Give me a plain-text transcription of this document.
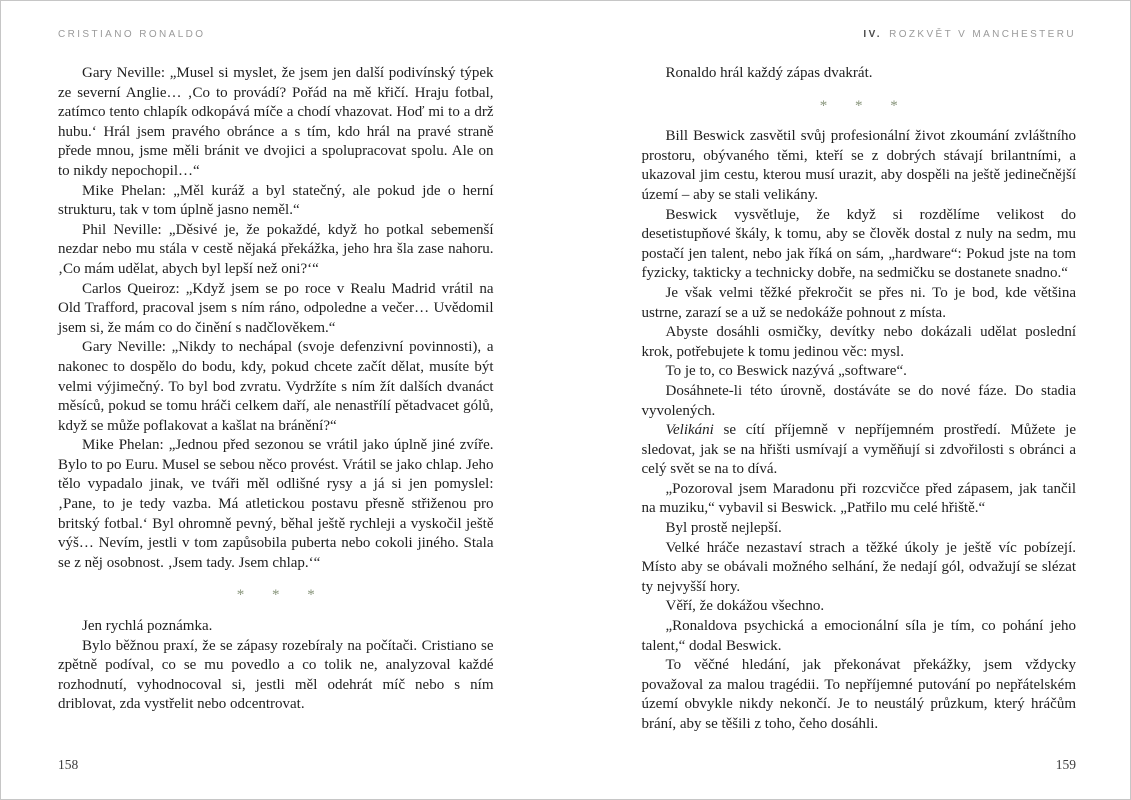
CRISTIANO RONALDO

Gary Neville: „Musel si myslet, že jsem jen další podivínský týpek ze severní Anglie… ‚Co to provádí? Pořád na mě křičí. Hraju fotbal, zatímco tento chlapík odkopává míče a chodí vhazovat. Hoď mi to a drž hubu.‘ Hrál jsem pravého obránce a s tím, kdo hrál na pravé straně přede mnou, jsme měli bránit ve dvojici a spolupracovat spolu. Ale on to nikdy nepochopil…“

Mike Phelan: „Měl kuráž a byl statečný, ale pokud jde o herní strukturu, tak v tom úplně jasno neměl.“

Phil Neville: „Děsivé je, že pokaždé, když ho potkal sebemenší nezdar nebo mu stála v cestě nějaká překážka, jeho hra šla zase nahoru. ‚Co mám udělat, abych byl lepší než oni?‘“

Carlos Queiroz: „Když jsem se po roce v Realu Madrid vrátil na Old Trafford, pracoval jsem s ním ráno, odpoledne a večer… Uvědomil jsem si, že mám co do činění s nadčlověkem.“

Gary Neville: „Nikdy to nechápal (svoje defenzivní povinnosti), a nakonec to dospělo do bodu, kdy, pokud chcete začít dělat, musíte být velmi výjimečný. To byl bod zvratu. Vydržíte s ním žít dalších dvanáct měsíců, pokud se tomu hráči celkem daří, ale nenastřílí pětadvacet gólů, když se může poflakovat a kašlat na bránění?“

Mike Phelan: „Jednou před sezonou se vrátil jako úplně jiné zvíře. Bylo to po Euru. Musel se sebou něco provést. Vrátil se jako chlap. Jeho tělo vypadalo jinak, ve tváři měl odlišné rysy a já si jen pomyslel: ‚Pane, to je tedy vazba. Má atletickou postavu přesně střiženou pro britský fotbal.‘ Byl ohromně pevný, běhal ještě rychleji a vyskočil ještě výš… Nevím, jestli v tom zapůsobila puberta nebo cokoli jiného. Stala se z něj osobnost. ‚Jsem tady. Jsem chlap.‘“

* * *

Jen rychlá poznámka.

Bylo běžnou praxí, že se zápasy rozebíraly na počítači. Cristiano se zpětně podíval, co se mu povedlo a co tolik ne, analyzoval každé rozhodnutí, vyhodnocoval si, jestli měl odehrát míč nebo s ním driblovat, zda vystřelit nebo odcentrovat.

158
IV. ROZKVĚT V MANCHESTERU

Ronaldo hrál každý zápas dvakrát.

* * *

Bill Beswick zasvětil svůj profesionální život zkoumání zvláštního prostoru, obývaného těmi, kteří se z dobrých stávají brilantními, a ukazoval jim cestu, kterou musí urazit, aby dospěli na ještě jedinečnější území – aby se stali velikány.

Beswick vysvětluje, že když si rozdělíme velikost do desetistupňové škály, k tomu, aby se člověk dostal z nuly na sedm, mu postačí jen talent, nebo jak říká on sám, „hardware“: Pokud jste na tom fyzicky, takticky a technicky dobře, na sedmičku se dostanete snadno.“

Je však velmi těžké překročit se přes ni. To je bod, kde většina ustrne, zarazí se a už se nedokáže pohnout z místa.

Abyste dosáhli osmičky, devítky nebo dokázali udělat poslední krok, potřebujete k tomu jedinou věc: mysl.

To je to, co Beswick nazývá „software“.

Dosáhnete-li této úrovně, dostáváte se do nové fáze. Do stadia vyvolených.

Velikáni se cítí příjemně v nepříjemném prostředí. Můžete je sledovat, jak se na hřišti usmívají a vyměňují si zdvořilosti s obránci a celý svět se na to dívá.

„Pozoroval jsem Maradonu při rozcvičce před zápasem, jak tančil na muziku,“ vybavil si Beswick. „Patřilo mu celé hřiště.“

Byl prostě nejlepší.

Velké hráče nezastaví strach a těžké úkoly je ještě víc pobízejí. Místo aby se obávali možného selhání, že nedají gól, odvažují se slézat ty nejvyšší hory.

Věří, že dokážou všechno.

„Ronaldova psychická a emocionální síla je tím, co pohání jeho talent,“ dodal Beswick.

To věčné hledání, jak překonávat překážky, jsem vždycky považoval za malou tragédii. To nepříjemné putování po nepřátelském území obvykle nikdy nekončí. Je to neustálý průzkum, který hráčům brání, aby se těšili z toho, čeho dosáhli.

159
